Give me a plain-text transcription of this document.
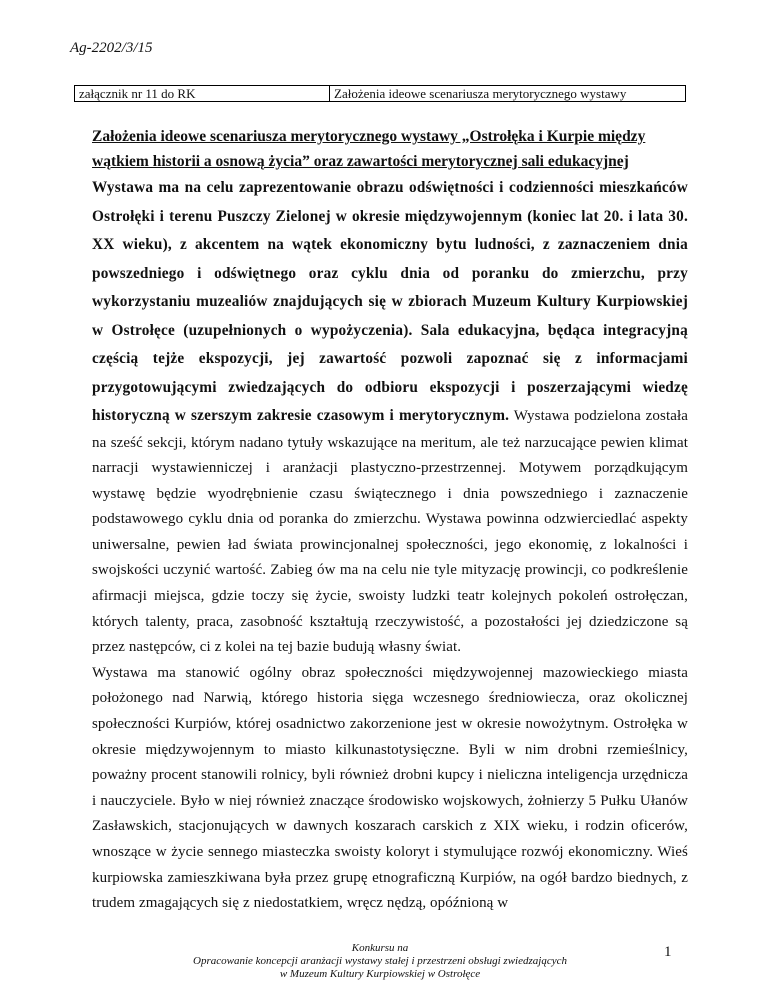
Ag-2202/3/15
załącznik nr 11 do RK	Założenia ideowe scenariusza merytorycznego wystawy
Założenia ideowe scenariusza merytorycznego wystawy „Ostrołęka i Kurpie między wątkiem historii a osnową życia” oraz zawartości merytorycznej sali edukacyjnej

Wystawa ma na celu zaprezentowanie obrazu odświętności i codzienności mieszkańców Ostrołęki i terenu Puszczy Zielonej w okresie międzywojennym (koniec lat 20. i lata 30. XX wieku), z akcentem na wątek ekonomiczny bytu ludności, z zaznaczeniem dnia powszedniego i odświętnego oraz cyklu dnia od poranku do zmierzchu, przy wykorzystaniu muzealiów znajdujących się w zbiorach Muzeum Kultury Kurpiowskiej w Ostrołęce (uzupełnionych o wypożyczenia). Sala edukacyjna, będąca integracyjną częścią tejże ekspozycji, jej zawartość pozwoli zapoznać się z informacjami przygotowującymi zwiedzających do odbioru ekspozycji i poszerzającymi wiedzę historyczną w szerszym zakresie czasowym i merytorycznym. Wystawa podzielona została na sześć sekcji, którym nadano tytuły wskazujące na meritum, ale też narzucające pewien klimat narracji wystawienniczej i aranżacji plastyczno-przestrzennej. Motywem porządkującym wystawę będzie wyodrębnienie czasu świątecznego i dnia powszedniego i zaznaczenie podstawowego cyklu dnia od poranka do zmierzchu. Wystawa powinna odzwierciedlać aspekty uniwersalne, pewien ład świata prowincjonalnej społeczności, jego ekonomię, z lokalności i swojskości uczynić wartość. Zabieg ów ma na celu nie tyle mityzację prowincji, co podkreślenie afirmacji miejsca, gdzie toczy się życie, swoisty ludzki teatr kolejnych pokoleń ostrołęczan, których talenty, praca, zasobność kształtują rzeczywistość, a pozostałości jej dziedziczone są przez następców, ci z kolei na tej bazie budują własny świat.

Wystawa ma stanowić ogólny obraz społeczności międzywojennej mazowieckiego miasta położonego nad Narwią, którego historia sięga wczesnego średniowiecza, oraz okolicznej społeczności Kurpiów, której osadnictwo zakorzenione jest w okresie nowożytnym. Ostrołęka w okresie międzywojennym to miasto kilkunastotysięczne. Byli w nim drobni rzemieślnicy, poważny procent stanowili rolnicy, byli również drobni kupcy i nieliczna inteligencja urzędnicza i nauczyciele. Było w niej również znaczące środowisko wojskowych, żołnierzy 5 Pułku Ułanów Zasławskich, stacjonujących w dawnych koszarach carskich z XIX wieku, i rodzin oficerów, wnoszące w życie sennego miasteczka swoisty koloryt i stymulujące rozwój ekonomiczny. Wieś kurpiowska zamieszkiwana była przez grupę etnograficzną Kurpiów, na ogół bardzo biednych, z trudem zmagających się z niedostatkiem, wręcz nędzą, opóźnioną w

Konkursu na
Opracowanie koncepcji aranżacji wystawy stałej i przestrzeni obsługi zwiedzających
w Muzeum Kultury Kurpiowskiej w Ostrołęce
1
